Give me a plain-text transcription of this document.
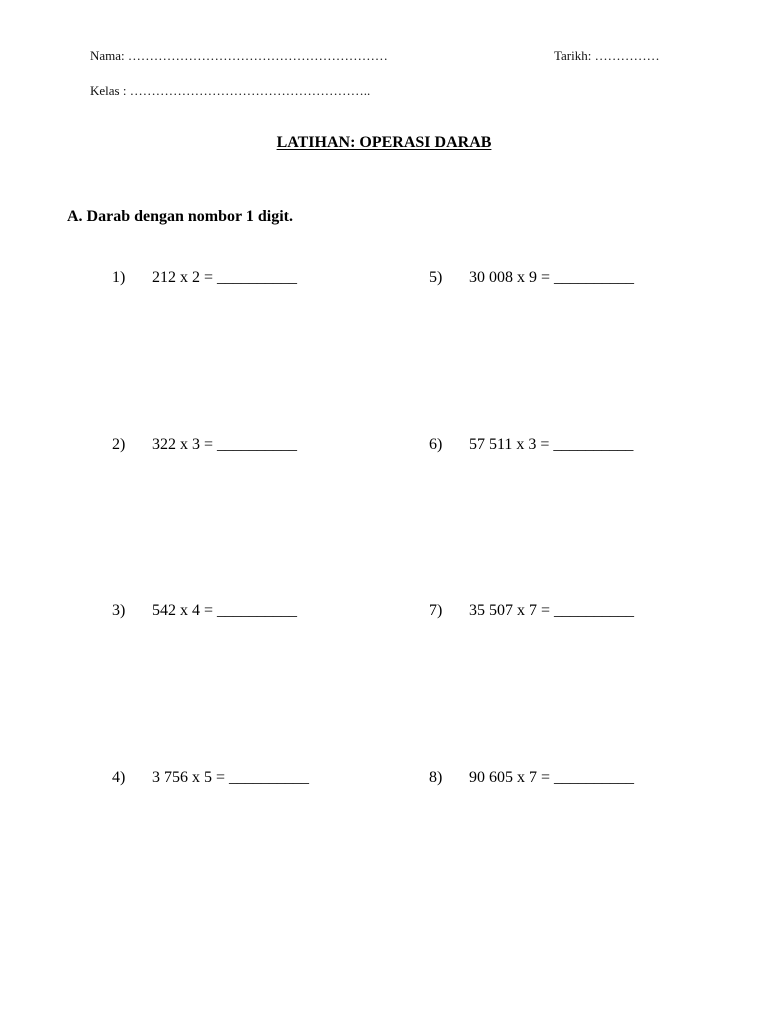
Nama: ……………………………………………………	Tarikh: ……………
Kelas : ………………………………………………..
LATIHAN: OPERASI DARAB
A. Darab dengan nombor 1 digit.
1) 212 x 2 = __________
2) 322 x 3 = __________
3) 542 x 4 = __________
4) 3 756 x 5 = __________
5) 30 008 x 9 = __________
6) 57 511 x 3 = __________
7) 35 507 x 7 = __________
8) 90 605 x 7 = __________
